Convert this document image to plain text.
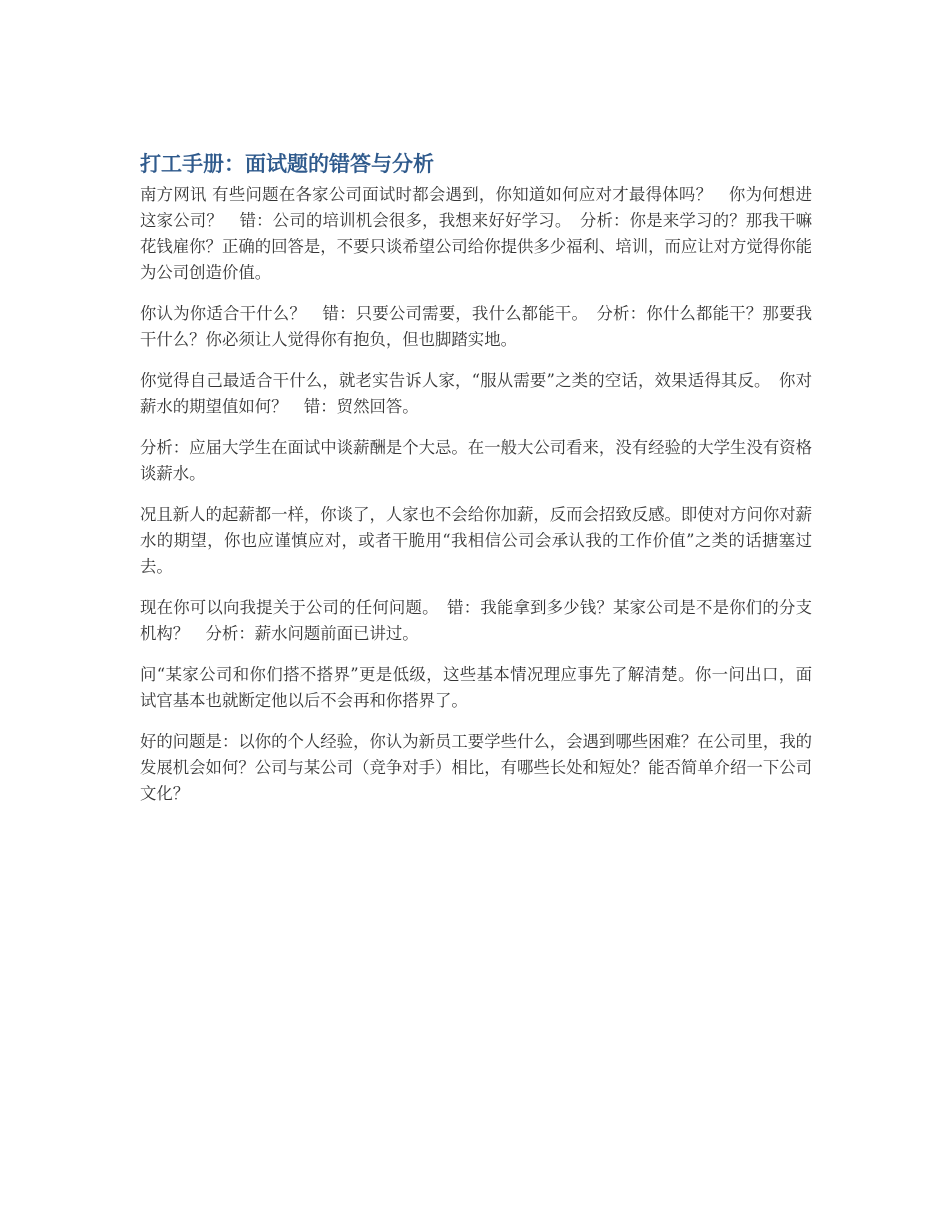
打工手册：面试题的错答与分析

南方网讯 有些问题在各家公司面试时都会遇到，你知道如何应对才最得体吗？　你为何想进这家公司？　错：公司的培训机会很多，我想来好好学习。　分析：你是来学习的？那我干嘛花钱雇你？正确的回答是，不要只谈希望公司给你提供多少福利、培训，而应让对方觉得你能为公司创造价值。

你认为你适合干什么？　错：只要公司需要，我什么都能干。　分析：你什么都能干？那要我干什么？你必须让人觉得你有抱负，但也脚踏实地。

你觉得自己最适合干什么，就老实告诉人家，“服从需要”之类的空话，效果适得其反。　你对薪水的期望值如何？　错：贸然回答。

分析：应届大学生在面试中谈薪酬是个大忌。在一般大公司看来，没有经验的大学生没有资格谈薪水。

况且新人的起薪都一样，你谈了，人家也不会给你加薪，反而会招致反感。即使对方问你对薪水的期望，你也应谨慎应对，或者干脆用“我相信公司会承认我的工作价值”之类的话搪塞过去。

现在你可以向我提关于公司的任何问题。　错：我能拿到多少钱？某家公司是不是你们的分支机构？　分析：薪水问题前面已讲过。

问“某家公司和你们搭不搭界”更是低级，这些基本情况理应事先了解清楚。你一问出口，面试官基本也就断定他以后不会再和你搭界了。

好的问题是：以你的个人经验，你认为新员工要学些什么，会遇到哪些困难？在公司里，我的发展机会如何？公司与某公司（竞争对手）相比，有哪些长处和短处？能否简单介绍一下公司文化？
